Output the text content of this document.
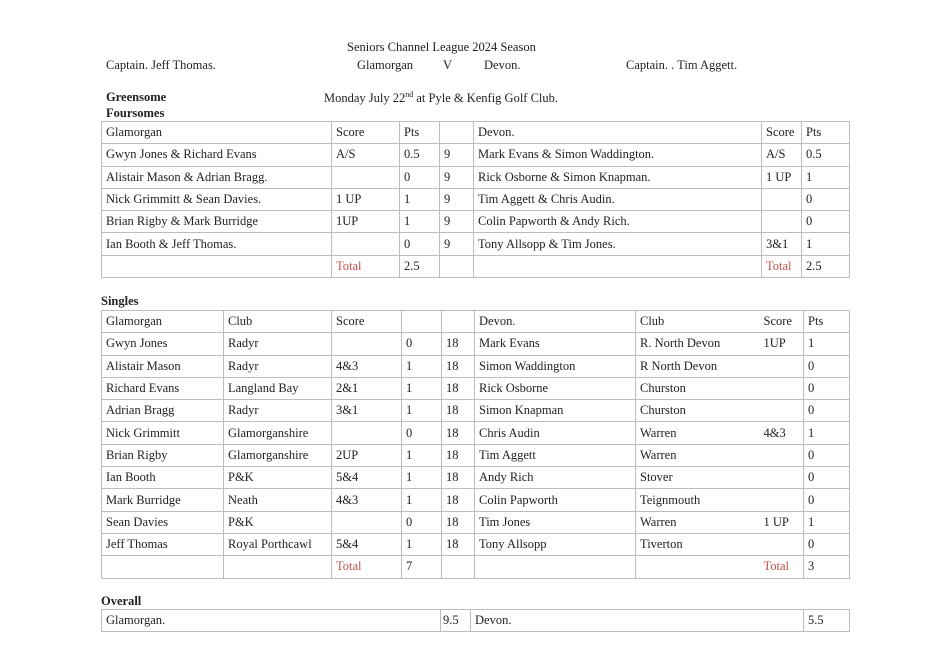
Seniors Channel League 2024 Season
Captain. Jeff Thomas.	Glamorgan V	Devon.	Captain. . Tim Aggett.
Greensome
Foursomes
Monday July 22nd at Pyle & Kenfig Golf Club.
Glamorgan	Score	Pts		Devon.	Score	Pts
Gwyn Jones & Richard Evans	A/S	0.5	9	Mark Evans & Simon Waddington.	A/S	0.5
Alistair Mason & Adrian Bragg.		0	9	Rick Osborne & Simon Knapman.	1 UP	1
Nick Grimmitt & Sean Davies.	1 UP	1	9	Tim Aggett & Chris Audin.		0
Brian Rigby & Mark Burridge	1UP	1	9	Colin Papworth & Andy Rich.		0
Ian Booth & Jeff Thomas.		0	9	Tony Allsopp & Tim Jones.	3&1	1
	Total	2.5			Total	2.5
Singles
Glamorgan	Club	Score			Devon.	Club	Score	Pts
Gwyn Jones	Radyr		0	18	Mark Evans	R. North Devon	1UP	1
Alistair Mason	Radyr	4&3	1	18	Simon Waddington	R North Devon		0
Richard Evans	Langland Bay	2&1	1	18	Rick Osborne	Churston		0
Adrian Bragg	Radyr	3&1	1	18	Simon Knapman	Churston		0
Nick Grimmitt	Glamorganshire		0	18	Chris Audin	Warren	4&3	1
Brian Rigby	Glamorganshire	2UP	1	18	Tim Aggett	Warren		0
Ian Booth	P&K	5&4	1	18	Andy Rich	Stover		0
Mark Burridge	Neath	4&3	1	18	Colin Papworth	Teignmouth		0
Sean Davies	P&K		0	18	Tim Jones	Warren	1 UP	1
Jeff Thomas	Royal Porthcawl	5&4	1	18	Tony Allsopp	Tiverton		0
		Total	7				Total	3
Overall
Glamorgan.	9.5	Devon.	5.5
